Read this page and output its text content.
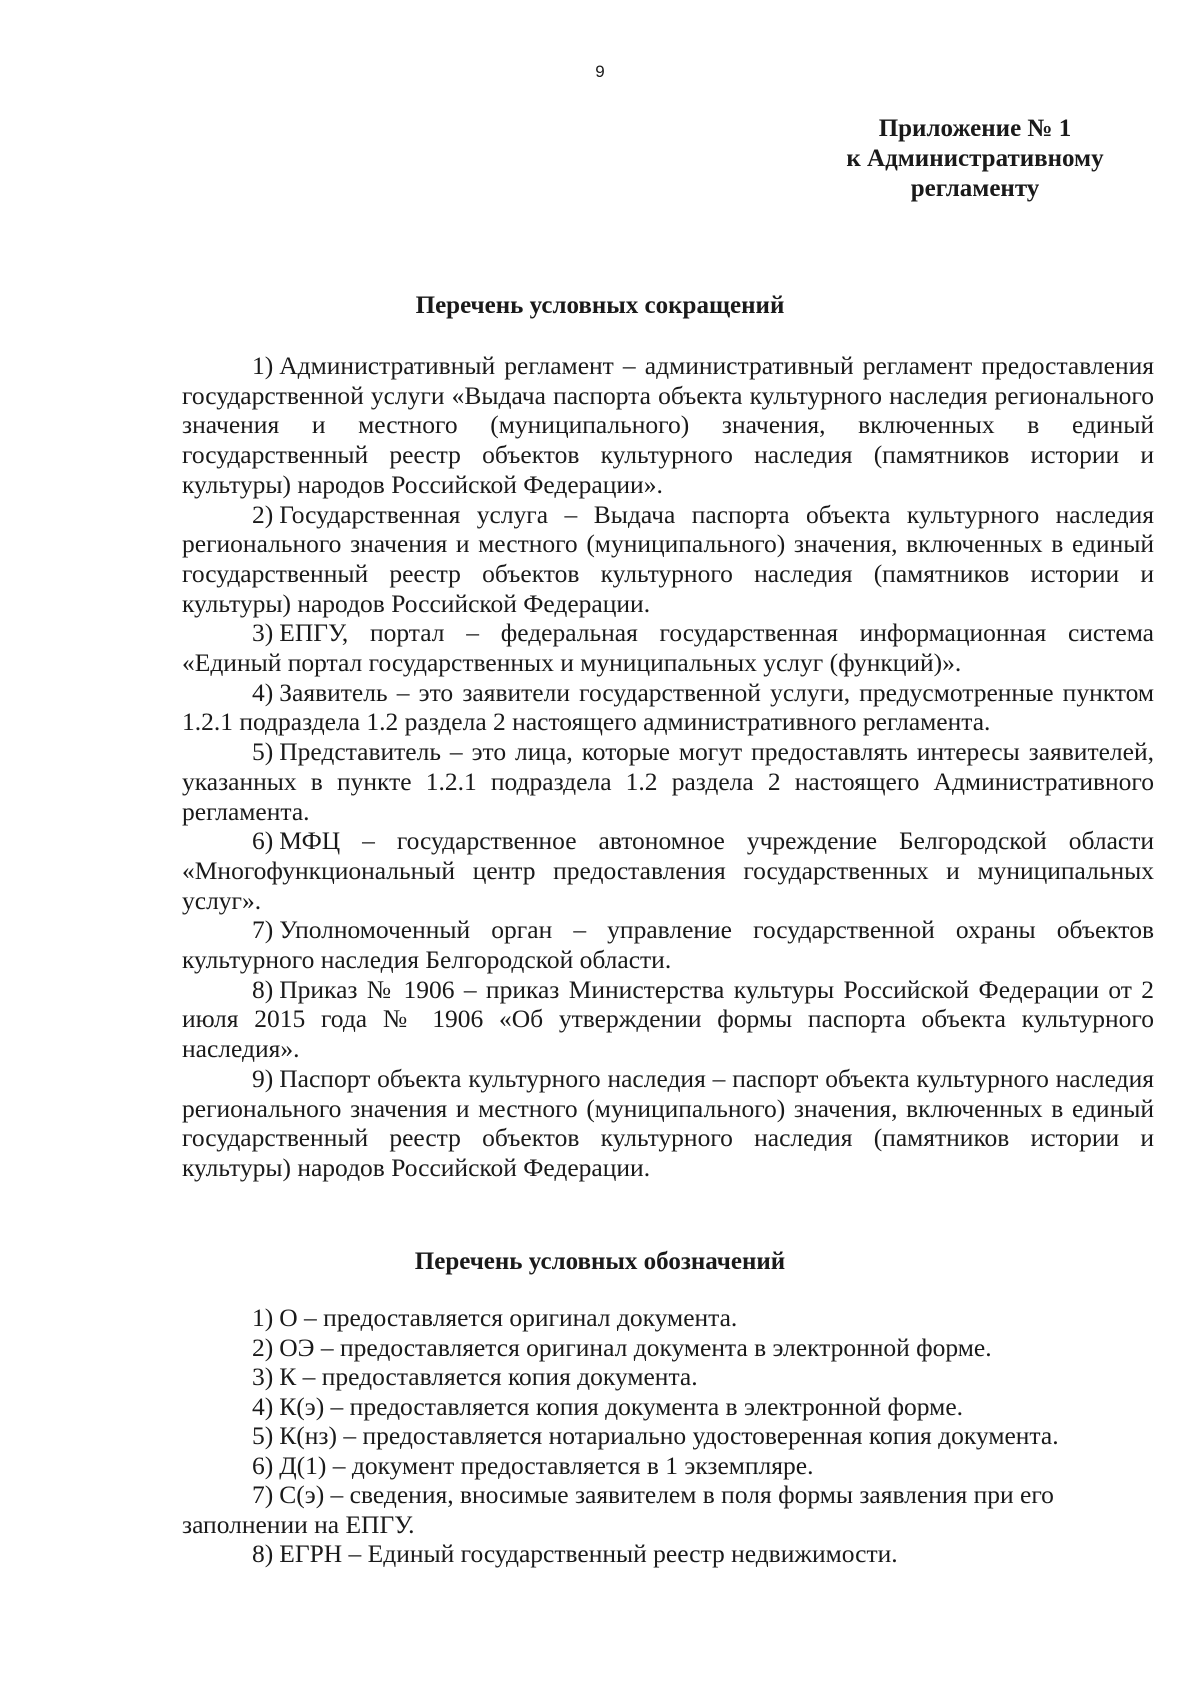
9
Приложение № 1
к Административному
регламенту
Перечень условных сокращений

1) Административный регламент – административный регламент предоставления государственной услуги «Выдача паспорта объекта культурного наследия регионального значения и местного (муниципального) значения, включенных в единый государственный реестр объектов культурного наследия (памятников истории и культуры) народов Российской Федерации».

2) Государственная услуга – Выдача паспорта объекта культурного наследия регионального значения и местного (муниципального) значения, включенных в единый государственный реестр объектов культурного наследия (памятников истории и культуры) народов Российской Федерации.

3) ЕПГУ, портал – федеральная государственная информационная система «Единый портал государственных и муниципальных услуг (функций)».

4) Заявитель – это заявители государственной услуги, предусмотренные пунктом 1.2.1 подраздела 1.2 раздела 2 настоящего административного регламента.

5) Представитель – это лица, которые могут предоставлять интересы заявителей, указанных в пункте 1.2.1 подраздела 1.2 раздела 2 настоящего Административного регламента.

6) МФЦ – государственное автономное учреждение Белгородской области «Многофункциональный центр предоставления государственных и муниципальных услуг».

7) Уполномоченный орган – управление государственной охраны объектов культурного наследия Белгородской области.

8) Приказ № 1906 – приказ Министерства культуры Российской Федерации от 2 июля 2015 года № 1906 «Об утверждении формы паспорта объекта культурного наследия».

9) Паспорт объекта культурного наследия – паспорт объекта культурного наследия регионального значения и местного (муниципального) значения, включенных в единый государственный реестр объектов культурного наследия (памятников истории и культуры) народов Российской Федерации.

Перечень условных обозначений

1) О – предоставляется оригинал документа.

2) ОЭ – предоставляется оригинал документа в электронной форме.

3) К – предоставляется копия документа.

4) К(э) – предоставляется копия документа в электронной форме.

5) К(нз) – предоставляется нотариально удостоверенная копия документа.

6) Д(1) – документ предоставляется в 1 экземпляре.

7) С(э) – сведения, вносимые заявителем в поля формы заявления при его заполнении на ЕПГУ.

8) ЕГРН – Единый государственный реестр недвижимости.
